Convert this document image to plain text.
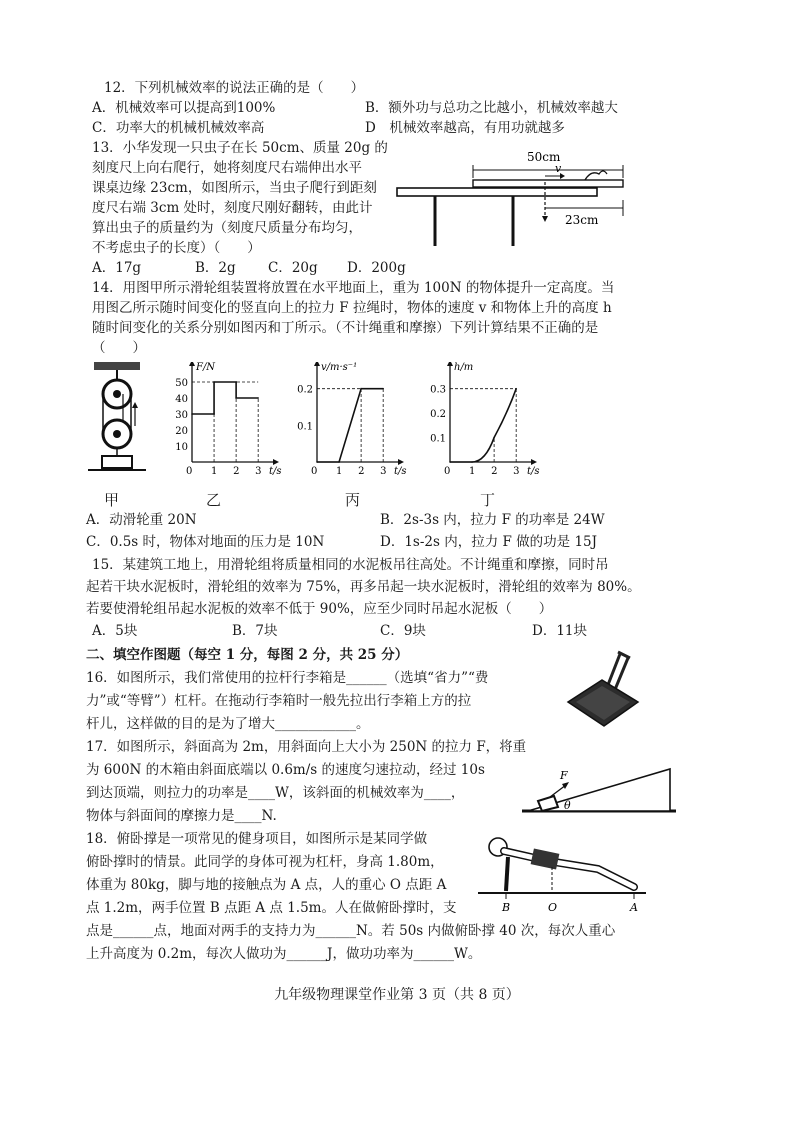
12．下列机械效率的说法正确的是（　　）
A．机械效率可以提高到100%	B．额外功与总功之比越小，机械效率越大
C．功率大的机械机械效率高	D　机械效率越高，有用功就越多
13．小华发现一只虫子在长 50cm、质量 20g 的
刻度尺上向右爬行，她将刻度尺右端伸出水平
课桌边缘 23cm，如图所示，当虫子爬行到距刻
度尺右端 3cm 处时，刻度尺刚好翻转，由此计
算出虫子的质量约为（刻度尺质量分布均匀，
不考虑虫子的长度）（　　）
A．17g	B．2g C．20g D．200g
50cm
v
23cm
14．用图甲所示滑轮组装置将放置在水平地面上，重为 100N 的物体提升一定高度。当
用图乙所示随时间变化的竖直向上的拉力 F 拉绳时，物体的速度 v 和物体上升的高度 h
随时间变化的关系分别如图丙和丁所示。（不计绳重和摩擦）下列计算结果不正确的是
（　　）
F/N
t/s
10
20
30
40
50
0 1 2 3
v/m·s⁻¹
t/s
0.1
0.2
0 1 2 3
h/m
t/s
0.1
0.2
0.3
0 1 2 3
甲	乙	丙	丁
A．动滑轮重 20N	B．2s-3s 内，拉力 F 的功率是 24W
C．0.5s 时，物体对地面的压力是 10N	D．1s-2s 内，拉力 F 做的功是 15J
15．某建筑工地上，用滑轮组将质量相同的水泥板吊往高处。不计绳重和摩擦，同时吊
起若干块水泥板时，滑轮组的效率为 75%，再多吊起一块水泥板时，滑轮组的效率为 80%。
若要使滑轮组吊起水泥板的效率不低于 90%，应至少同时吊起水泥板（　　）
A．5块	B．7块	C．9块	D．11块
二、填空作图题（每空 1 分，每图 2 分，共 25 分）
16．如图所示，我们常使用的拉杆行李箱是______（选填“省力”“费
力”或“等臂”）杠杆。在拖动行李箱时一般先拉出行李箱上方的拉
杆儿，这样做的目的是为了增大____________。
17．如图所示，斜面高为 2m，用斜面向上大小为 250N 的拉力 F，将重
为 600N 的木箱由斜面底端以 0.6m/s 的速度匀速拉动，经过 10s
到达顶端，则拉力的功率是____W，该斜面的机械效率为____，
物体与斜面间的摩擦力是____N.
F
θ
18．俯卧撑是一项常见的健身项目，如图所示是某同学做
俯卧撑时的情景。此同学的身体可视为杠杆，身高 1.80m，
体重为 80kg，脚与地的接触点为 A 点，人的重心 O 点距 A
点 1.2m，两手位置 B 点距 A 点 1.5m。人在做俯卧撑时，支
点是______点，地面对两手的支持力为______N。若 50s 内做俯卧撑 40 次，每次人重心
上升高度为 0.2m，每次人做功为______J，做功功率为______W。
B	O	A
九年级物理课堂作业第 3 页（共 8 页）
